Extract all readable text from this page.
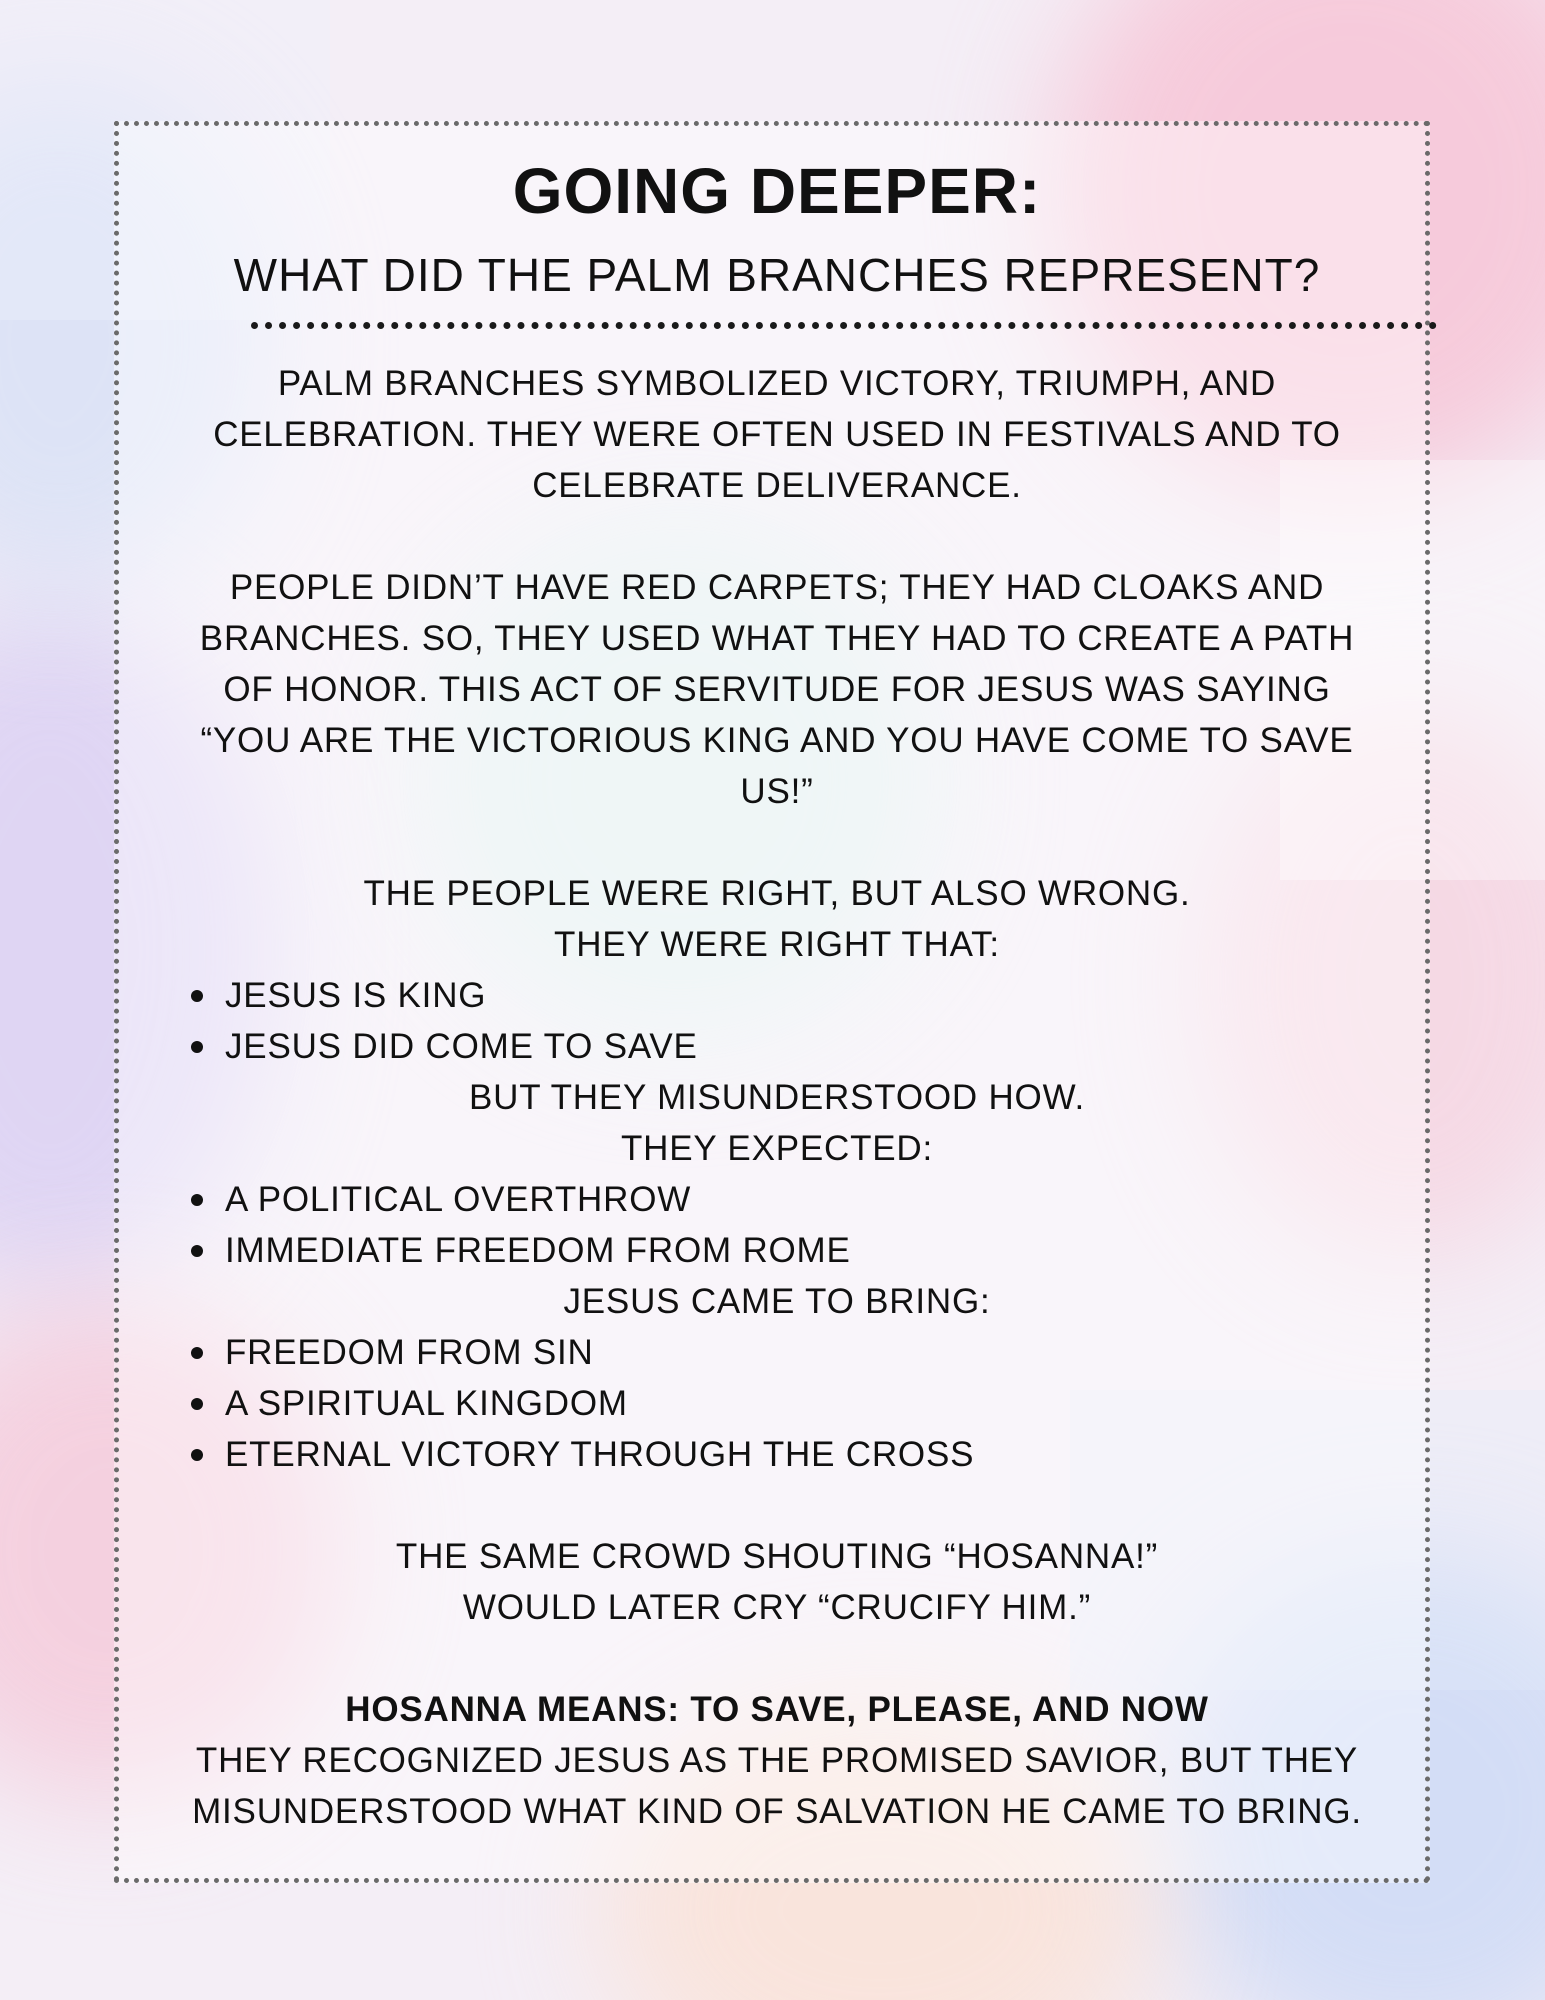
GOING DEEPER:
WHAT DID THE PALM BRANCHES REPRESENT?

PALM BRANCHES SYMBOLIZED VICTORY, TRIUMPH, AND

CELEBRATION. THEY WERE OFTEN USED IN FESTIVALS AND TO

CELEBRATE DELIVERANCE.

PEOPLE DIDN’T HAVE RED CARPETS; THEY HAD CLOAKS AND

BRANCHES. SO, THEY USED WHAT THEY HAD TO CREATE A PATH

OF HONOR. THIS ACT OF SERVITUDE FOR JESUS WAS SAYING

“YOU ARE THE VICTORIOUS KING AND YOU HAVE COME TO SAVE

US!”

THE PEOPLE WERE RIGHT, BUT ALSO WRONG.

THEY WERE RIGHT THAT:

JESUS IS KING
JESUS DID COME TO SAVE

BUT THEY MISUNDERSTOOD HOW.

THEY EXPECTED:

A POLITICAL OVERTHROW
IMMEDIATE FREEDOM FROM ROME

JESUS CAME TO BRING:

FREEDOM FROM SIN
A SPIRITUAL KINGDOM
ETERNAL VICTORY THROUGH THE CROSS

THE SAME CROWD SHOUTING “HOSANNA!”

WOULD LATER CRY “CRUCIFY HIM.”

HOSANNA MEANS: TO SAVE, PLEASE, AND NOW

THEY RECOGNIZED JESUS AS THE PROMISED SAVIOR, BUT THEY

MISUNDERSTOOD WHAT KIND OF SALVATION HE CAME TO BRING.
